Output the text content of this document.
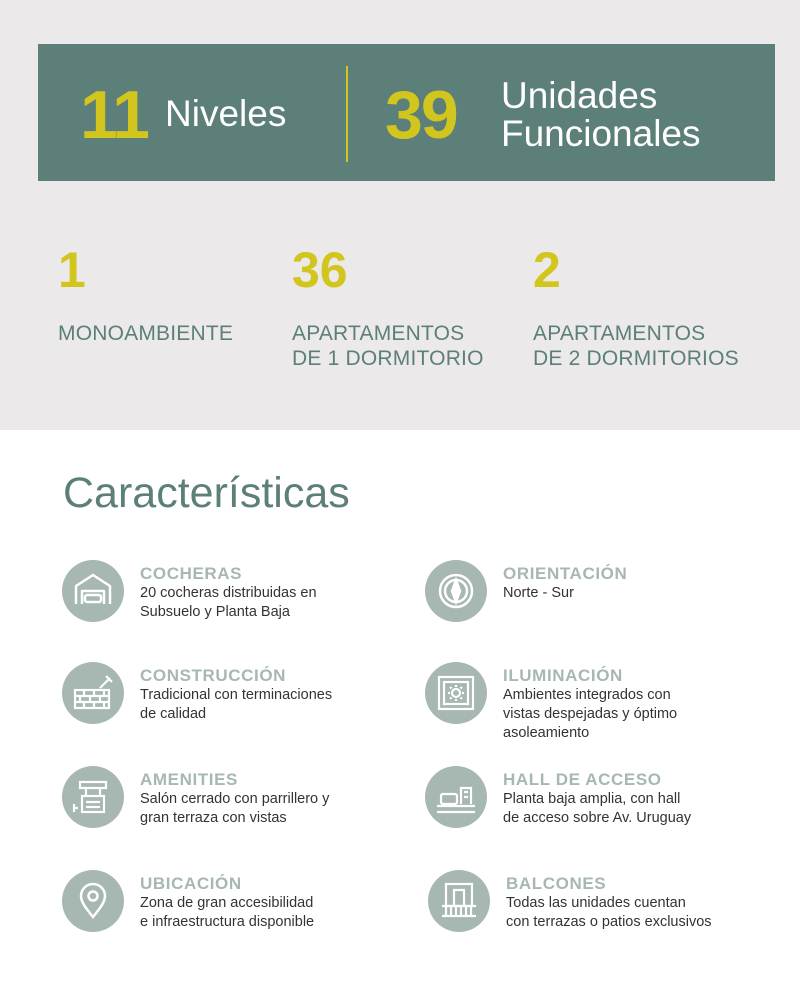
11 Niveles 39 Unidades
Funcionales
1
MONOAMBIENTE
36
APARTAMENTOS
DE 1 DORMITORIO
2
APARTAMENTOS
DE 2 DORMITORIOS
Características
COCHERAS
20 cocheras distribuidas en
Subsuelo y Planta Baja
ORIENTACIÓN
Norte - Sur
CONSTRUCCIÓN
Tradicional con terminaciones
de calidad
ILUMINACIÓN
Ambientes integrados con
vistas despejadas y óptimo
asoleamiento
AMENITIES
Salón cerrado con parrillero y
gran terraza con vistas
HALL DE ACCESO
Planta baja amplia, con hall
de acceso sobre Av. Uruguay
UBICACIÓN
Zona de gran accesibilidad
e infraestructura disponible
BALCONES
Todas las unidades cuentan
con terrazas o patios exclusivos
